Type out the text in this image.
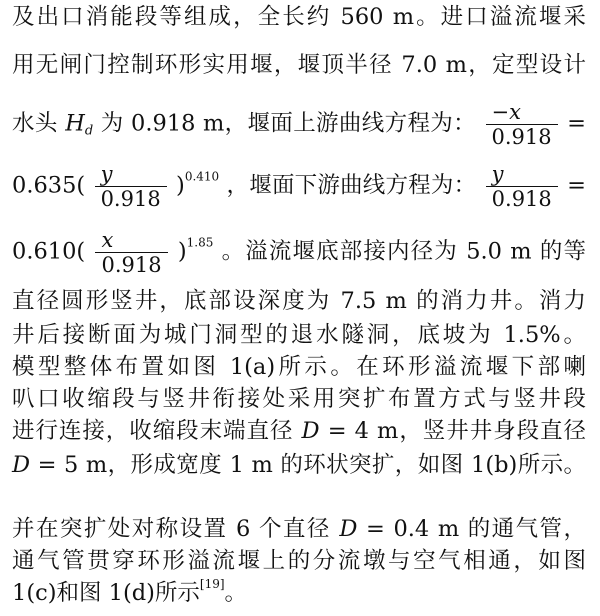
及出口消能段等组成，全长约 560 m。进口溢流堰采
用无闸门控制环形实用堰，堰顶半径 7.0 m，定型设计
水头 $H_d$ 为 0.918 m，堰面上游曲线方程为： $\frac{-x}{0.918}$ =
$0.635( \frac{y}{0.918} )^{0.410}$ ，堰面下游曲线方程为： $\frac{y}{0.918}$ =
$0.610( \frac{x}{0.918} )^{1.85}$ 。溢流堰底部接内径为 5.0 m 的等
直径圆形竖井，底部设深度为 7.5 m 的消力井。消力
井后接断面为城门洞型的退水隧洞，底坡为 1.5%。
模型整体布置如图 1(a)所示。在环形溢流堰下部喇
叭口收缩段与竖井衔接处采用突扩布置方式与竖井段
进行连接，收缩段末端直径 D = 4 m，竖井井身段直径
D = 5 m，形成宽度 1 m 的环状突扩，如图 1(b)所示。
并在突扩处对称设置 6 个直径 D = 0.4 m 的通气管，
通气管贯穿环形溢流堰上的分流墩与空气相通，如图
1(c)和图 1(d)所示[19]。
